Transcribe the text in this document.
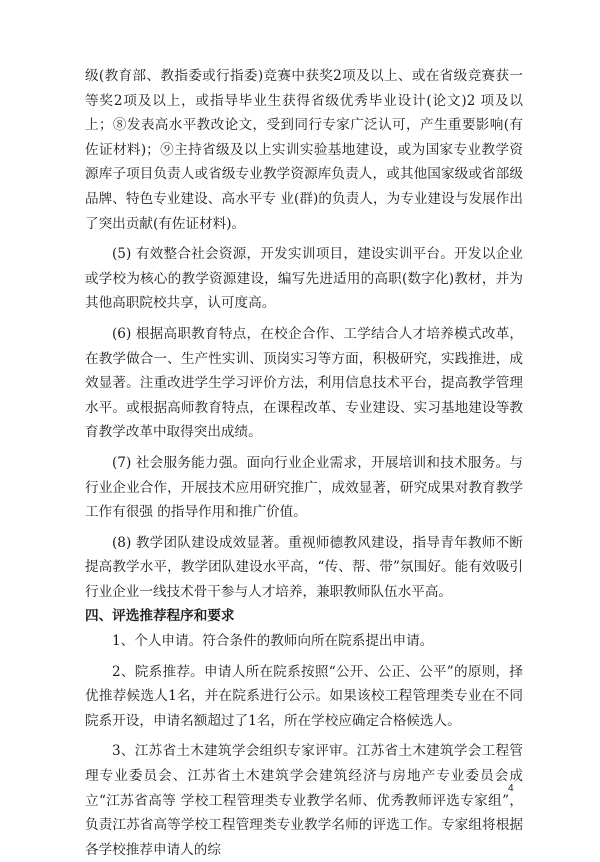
级(教育部、教指委或行指委)竞赛中获奖2项及以上、或在省级竞赛获一等奖2项及以上，或指导毕业生获得省级优秀毕业设计(论文)2 项及以上；⑧发表高水平教改论文，受到同行专家广泛认可，产生重要影响(有佐证材料)；⑨主持省级及以上实训实验基地建设，或为国家专业教学资源库子项目负责人或省级专业教学资源库负责人，或其他国家级或省部级品牌、特色专业建设、高水平专 业(群)的负责人，为专业建设与发展作出了突出贡献(有佐证材料)。

(5) 有效整合社会资源，开发实训项目，建设实训平台。开发以企业或学校为核心的教学资源建设，编写先进适用的高职(数字化)教材，并为其他高职院校共享，认可度高。

(6) 根据高职教育特点，在校企合作、工学结合人才培养模式改革，在教学做合一、生产性实训、顶岗实习等方面，积极研究，实践推进，成效显著。注重改进学生学习评价方法，利用信息技术平台，提高教学管理水平。或根据高师教育特点，在课程改革、专业建设、实习基地建设等教育教学改革中取得突出成绩。

(7) 社会服务能力强。面向行业企业需求，开展培训和技术服务。与行业企业合作，开展技术应用研究推广，成效显著，研究成果对教育教学工作有很强 的指导作用和推广价值。

(8) 教学团队建设成效显著。重视师德教风建设，指导青年教师不断提高教学水平，教学团队建设水平高，“传、帮、带”氛围好。能有效吸引行业企业一线技术骨干参与人才培养，兼职教师队伍水平高。

四、评选推荐程序和要求

1、个人申请。符合条件的教师向所在院系提出申请。

2、院系推荐。申请人所在院系按照“公开、公正、公平”的原则，择优推荐候选人1名，并在院系进行公示。如果该校工程管理类专业在不同院系开设，申请名额超过了1名，所在学校应确定合格候选人。

3、江苏省土木建筑学会组织专家评审。江苏省土木建筑学会工程管理专业委员会、江苏省土木建筑学会建筑经济与房地产专业委员会成立“江苏省高等 学校工程管理类专业教学名师、优秀教师评选专家组”，负责江苏省高等学校工程管理类专业教学名师的评选工作。专家组将根据各学校推荐申请人的综

4
